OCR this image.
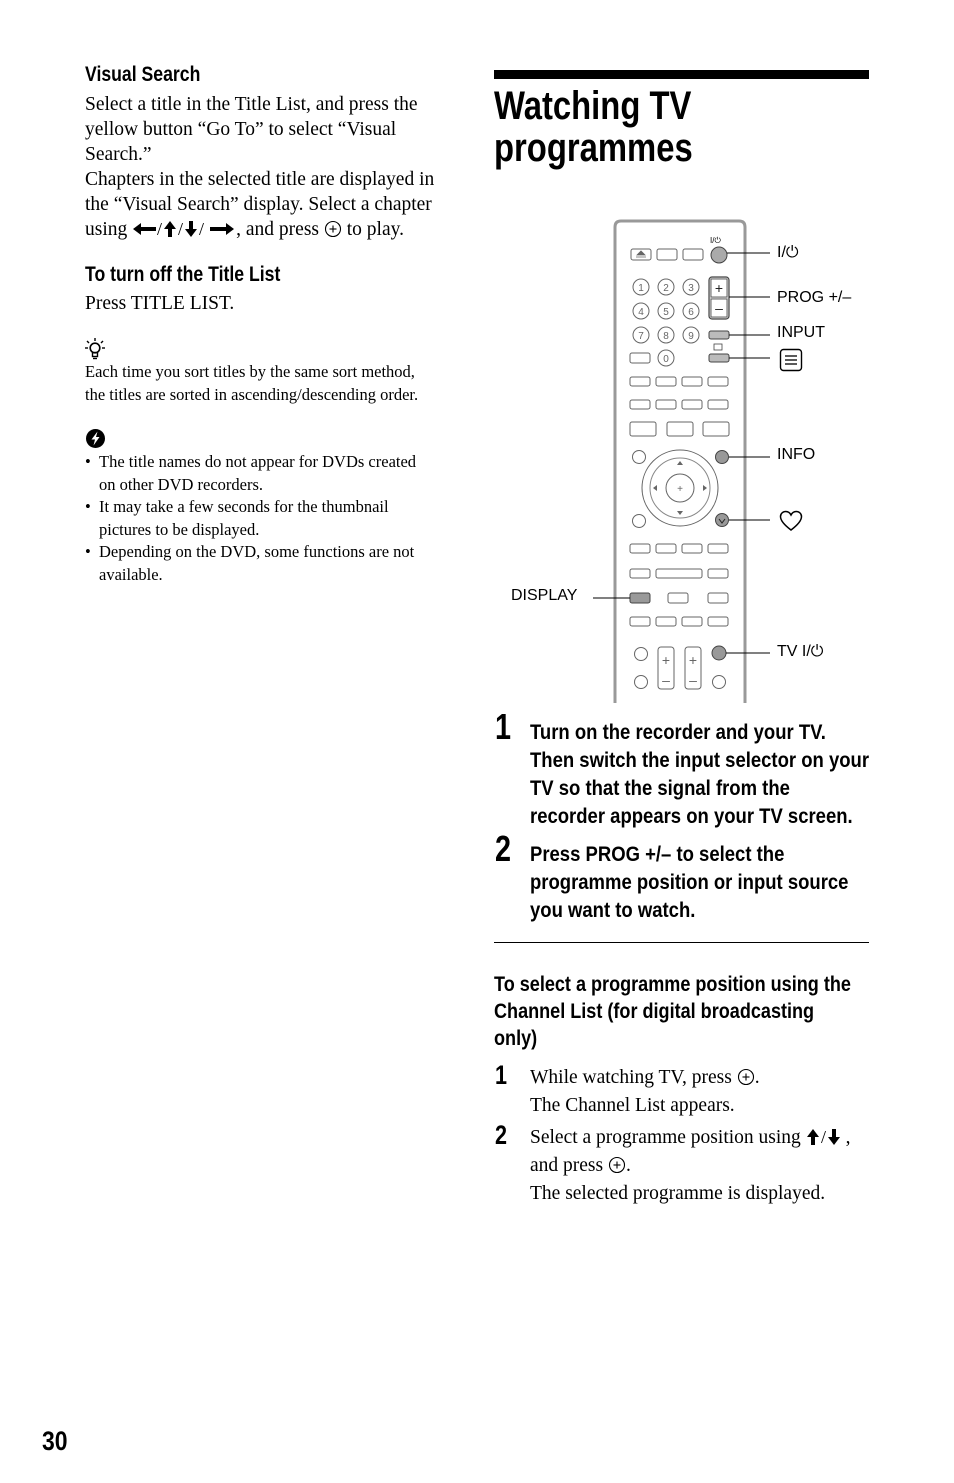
Visual Search
Select a title in the Title List, and press the
yellow button “Go To” to select “Visual
Search.”
Chapters in the selected title are displayed in
the “Visual Search” display. Select a chapter
using / / / , and press  to play.
To turn off the Title List
Press TITLE LIST.
Each time you sort titles by the same sort method,
the titles are sorted in ascending/descending order.
• The title names do not appear for DVDs created
on other DVD recorders.
• It may take a few seconds for the thumbnail
pictures to be displayed.
• Depending on the DVD, some functions are not
available.
Watching TV
programmes
I/⏻
1 2 3
4 5 6
7 8 9
0
+
–
+
+ +
– –
I/⏻
PROG +/–
INPUT
INFO
DISPLAY
TV I/⏻
1 Turn on the recorder and your TV.
Then switch the input selector on your
TV so that the signal from the
recorder appears on your TV screen.
2 Press PROG +/– to select the
programme position or input source
you want to watch.
To select a programme position using the
Channel List (for digital broadcasting
only)
1 While watching TV, press .
The Channel List appears.
2 Select a programme position using / ,
and press .
The selected programme is displayed.
30
